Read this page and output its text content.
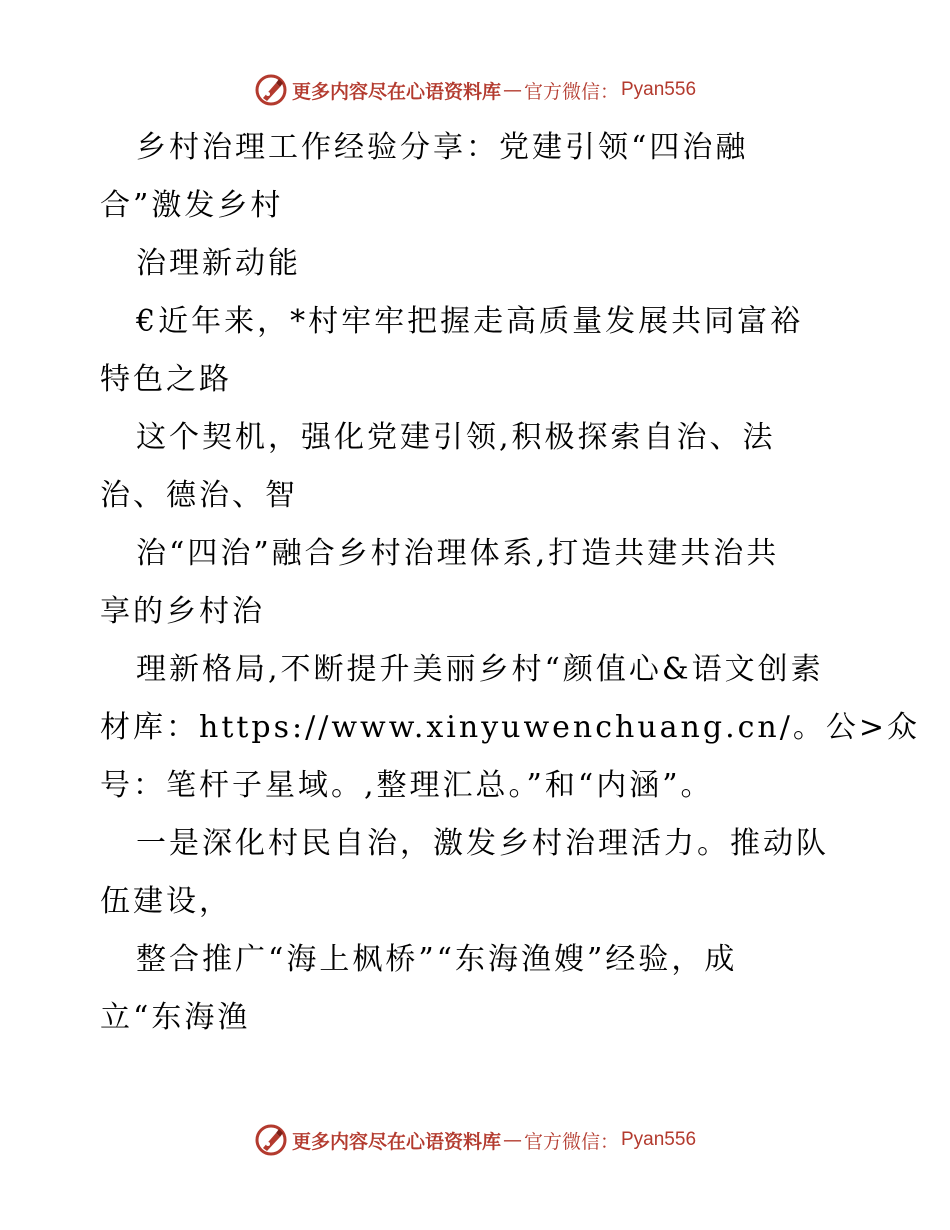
更多内容尽在心语资料库 — 官方微信： Pyan556
乡村治理工作经验分享：党建引领“四治融
合”激发乡村
治理新动能
€近年来，*村牢牢把握走高质量发展共同富裕
特色之路
这个契机，强化党建引领,积极探索自治、法
治、德治、智
治“四治”融合乡村治理体系,打造共建共治共
享的乡村治
理新格局,不断提升美丽乡村“颜值心&语文创素
材库：https://www.xinyuwenchuang.cn/。公>众
号：笔杆子星域。,整理汇总。”和“内涵”。
一是深化村民自治，激发乡村治理活力。推动队
伍建设，
整合推广“海上枫桥”“东海渔嫂”经验，成
立“东海渔
更多内容尽在心语资料库 — 官方微信： Pyan556
